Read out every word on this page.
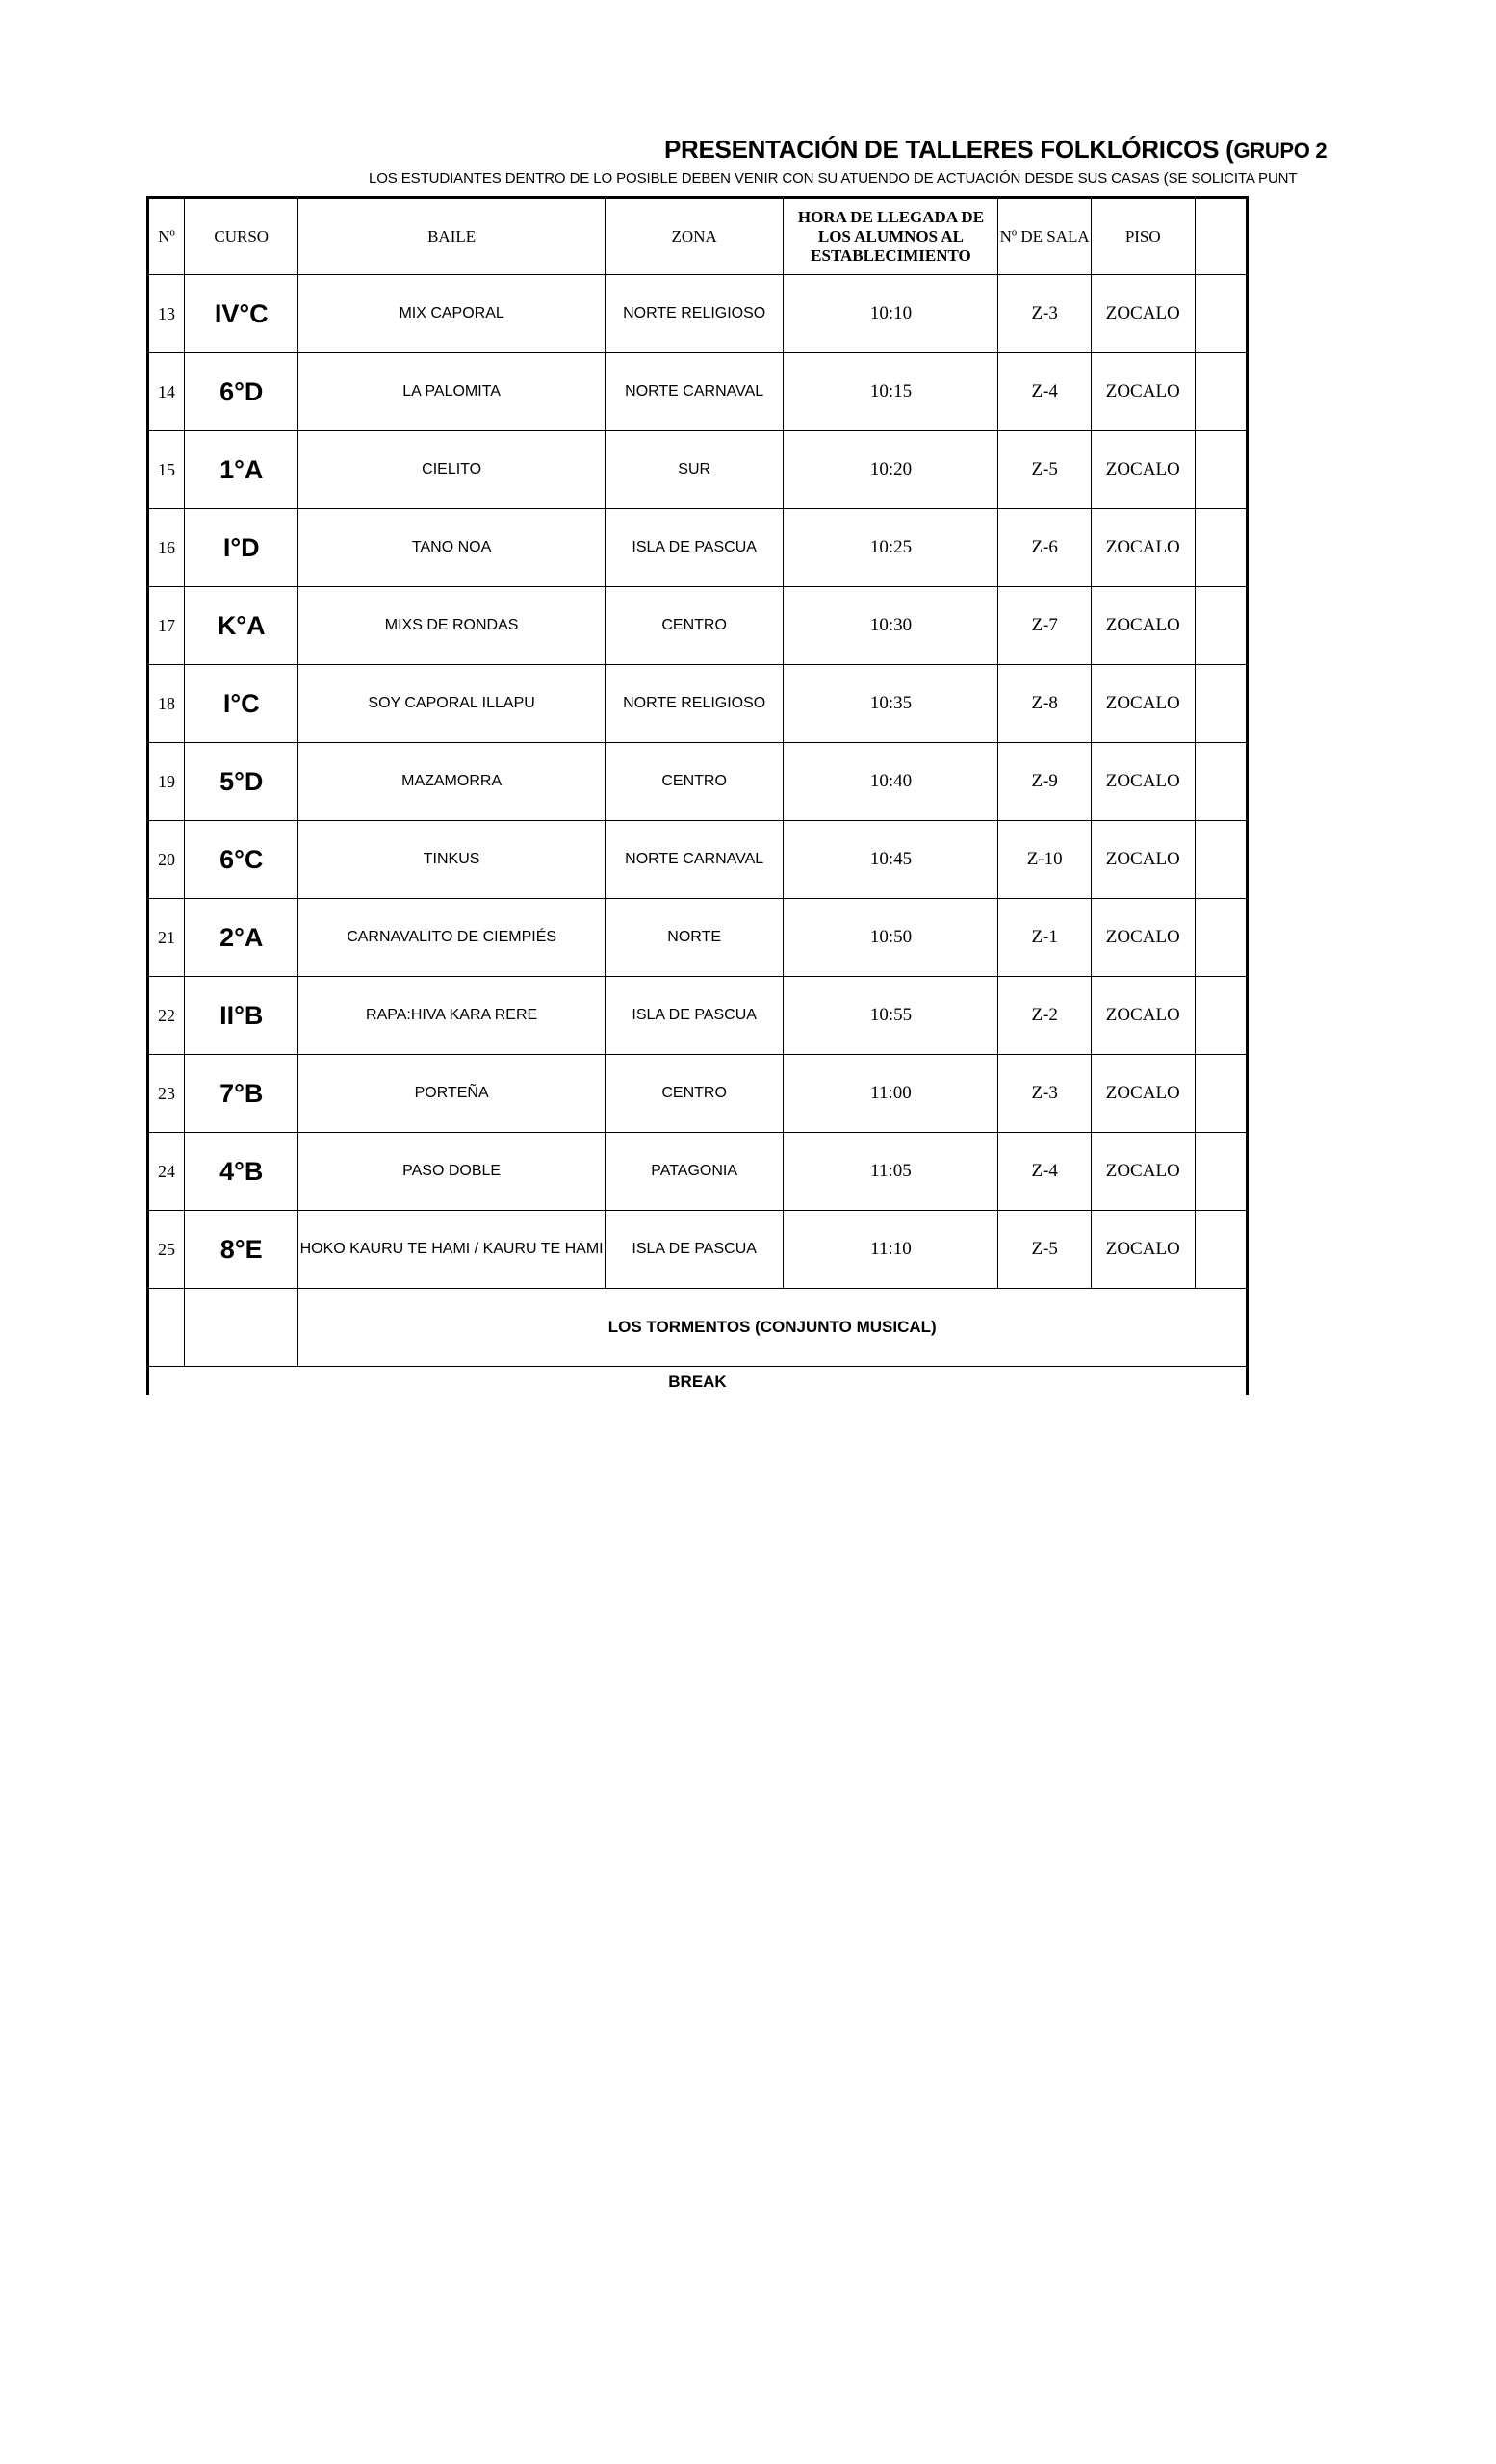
PRESENTACIÓN DE TALLERES FOLKLÓRICOS (GRUPO 2
LOS ESTUDIANTES DENTRO DE LO POSIBLE DEBEN VENIR CON SU ATUENDO DE ACTUACIÓN DESDE SUS CASAS (SE SOLICITA PUNT
Nº	CURSO	BAILE	ZONA	HORA DE LLEGADA DE LOS ALUMNOS AL ESTABLECIMIENTO	Nº DE SALA	PISO	
13	IV°C	MIX CAPORAL	NORTE RELIGIOSO	10:10	Z-3	ZOCALO	
14	6°D	LA PALOMITA	NORTE CARNAVAL	10:15	Z-4	ZOCALO	
15	1°A	CIELITO	SUR	10:20	Z-5	ZOCALO	
16	I°D	TANO NOA	ISLA DE PASCUA	10:25	Z-6	ZOCALO	
17	K°A	MIXS DE RONDAS	CENTRO	10:30	Z-7	ZOCALO	
18	I°C	SOY CAPORAL ILLAPU	NORTE RELIGIOSO	10:35	Z-8	ZOCALO	
19	5°D	MAZAMORRA	CENTRO	10:40	Z-9	ZOCALO	
20	6°C	TINKUS	NORTE CARNAVAL	10:45	Z-10	ZOCALO	
21	2°A	CARNAVALITO DE CIEMPIÉS	NORTE	10:50	Z-1	ZOCALO	
22	II°B	RAPA:HIVA KARA RERE	ISLA DE PASCUA	10:55	Z-2	ZOCALO	
23	7°B	PORTEÑA	CENTRO	11:00	Z-3	ZOCALO	
24	4°B	PASO DOBLE	PATAGONIA	11:05	Z-4	ZOCALO	
25	8°E	HOKO KAURU TE HAMI / KAURU TE HAMI	ISLA DE PASCUA	11:10	Z-5	ZOCALO	
		LOS TORMENTOS (CONJUNTO MUSICAL)					
BREAK							
